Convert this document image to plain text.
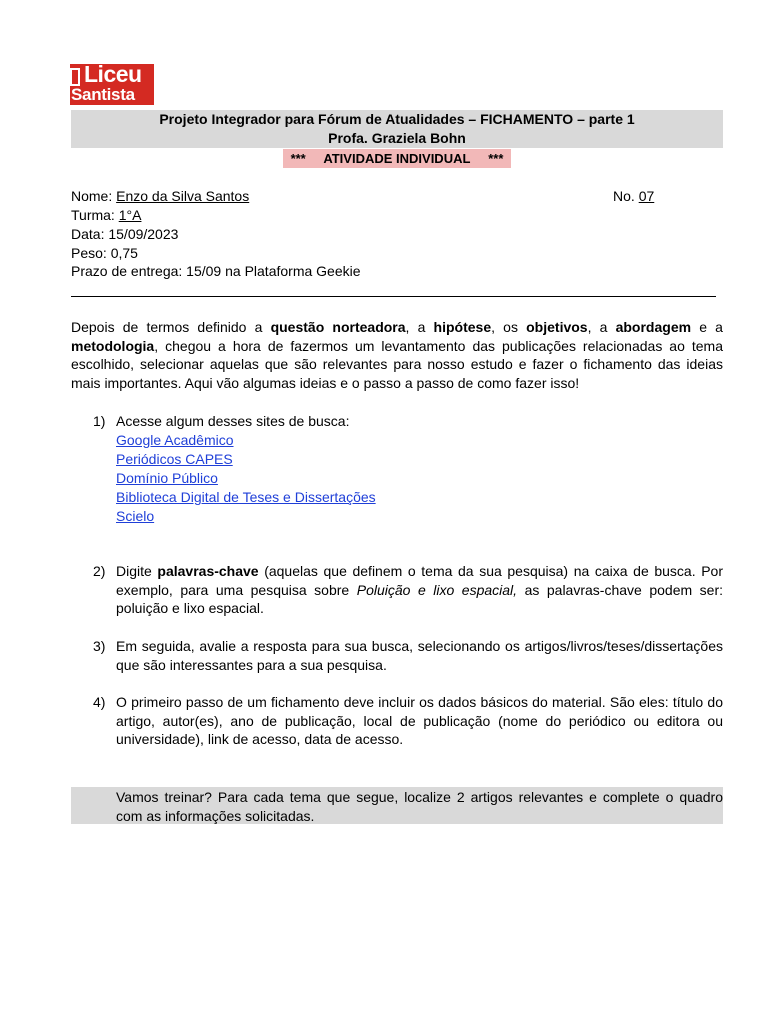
Liceu
Santista
Projeto Integrador para Fórum de Atualidades – FICHAMENTO – parte 1
Profa. Graziela Bohn
***     ATIVIDADE INDIVIDUAL     ***
Nome: Enzo da Silva Santos	No. 07
Turma: 1°A
Data: 15/09/2023
Peso: 0,75
Prazo de entrega: 15/09 na Plataforma Geekie
Depois de termos definido a questão norteadora, a hipótese, os objetivos, a abordagem e a metodologia, chegou a hora de fazermos um levantamento das publicações relacionadas ao tema escolhido, selecionar aquelas que são relevantes para nosso estudo e fazer o fichamento das ideias mais importantes. Aqui vão algumas ideias e o passo a passo de como fazer isso!
1) Acesse algum desses sites de busca:
Google Acadêmico
Periódicos CAPES
Domínio Público
Biblioteca Digital de Teses e Dissertações
Scielo
2) Digite palavras-chave (aquelas que definem o tema da sua pesquisa) na caixa de busca. Por exemplo, para uma pesquisa sobre Poluição e lixo espacial, as palavras-chave podem ser: poluição e lixo espacial.
3) Em seguida, avalie a resposta para sua busca, selecionando os artigos/livros/teses/dissertações que são interessantes para a sua pesquisa.
4) O primeiro passo de um fichamento deve incluir os dados básicos do material. São eles: título do artigo, autor(es), ano de publicação, local de publicação (nome do periódico ou editora ou universidade), link de acesso, data de acesso.
Vamos treinar? Para cada tema que segue, localize 2 artigos relevantes e complete o quadro com as informações solicitadas.
